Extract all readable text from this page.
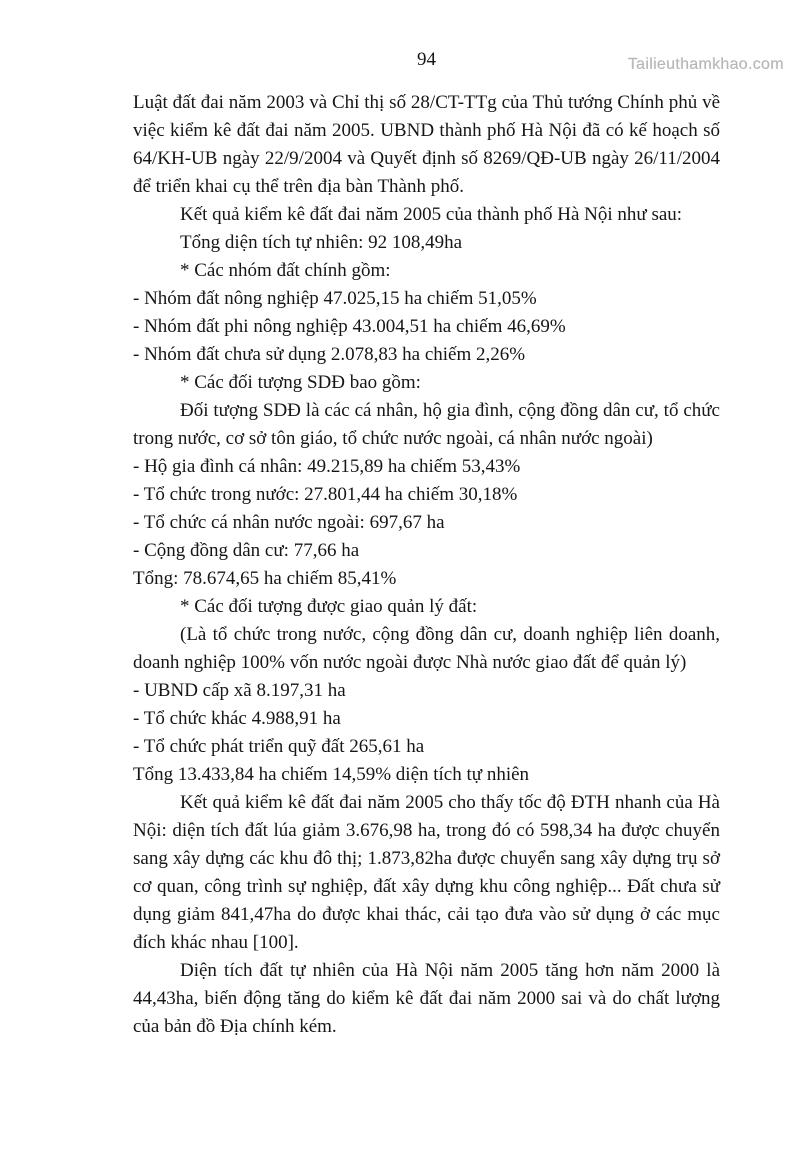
Tailieuthamkhao.com
94

Luật đất đai năm 2003 và Chỉ thị số 28/CT-TTg của Thủ tướng Chính phủ về việc kiểm kê đất đai năm 2005. UBND thành phố Hà Nội đã có kế hoạch số 64/KH-UB ngày 22/9/2004 và Quyết định số 8269/QĐ-UB ngày 26/11/2004 để triển khai cụ thể trên địa bàn Thành phố.

Kết quả kiểm kê đất đai năm 2005 của thành phố Hà Nội như sau:

Tổng diện tích tự nhiên: 92 108,49ha

* Các nhóm đất chính gồm:

- Nhóm đất nông nghiệp 47.025,15 ha chiếm 51,05%

- Nhóm đất phi nông nghiệp 43.004,51 ha chiếm 46,69%

- Nhóm đất chưa sử dụng 2.078,83 ha chiếm 2,26%

* Các đối tượng SDĐ bao gồm:

Đối tượng SDĐ là các cá nhân, hộ gia đình, cộng đồng dân cư, tổ chức trong nước, cơ sở tôn giáo, tổ chức nước ngoài, cá nhân nước ngoài)

- Hộ gia đình cá nhân: 49.215,89 ha chiếm 53,43%

- Tổ chức trong nước: 27.801,44 ha chiếm 30,18%

- Tổ chức cá nhân nước ngoài: 697,67 ha

- Cộng đồng dân cư: 77,66 ha

Tổng: 78.674,65 ha chiếm 85,41%

* Các đối tượng được giao quản lý đất:

(Là tổ chức trong nước, cộng đồng dân cư, doanh nghiệp liên doanh, doanh nghiệp 100% vốn nước ngoài được Nhà nước giao đất để quản lý)

- UBND cấp xã 8.197,31 ha

- Tổ chức khác 4.988,91 ha

- Tổ chức phát triển quỹ đất 265,61 ha

Tổng 13.433,84 ha chiếm 14,59% diện tích tự nhiên

Kết quả kiểm kê đất đai năm 2005 cho thấy tốc độ ĐTH nhanh của Hà Nội: diện tích đất lúa giảm 3.676,98 ha, trong đó có 598,34 ha được chuyển sang xây dựng các khu đô thị; 1.873,82ha được chuyển sang xây dựng trụ sở cơ quan, công trình sự nghiệp, đất xây dựng khu công nghiệp... Đất chưa sử dụng giảm 841,47ha do được khai thác, cải tạo đưa vào sử dụng ở các mục đích khác nhau [100].

Diện tích đất tự nhiên của Hà Nội năm 2005 tăng hơn năm 2000 là 44,43ha, biến động tăng do kiểm kê đất đai năm 2000 sai và do chất lượng của bản đồ Địa chính kém.
